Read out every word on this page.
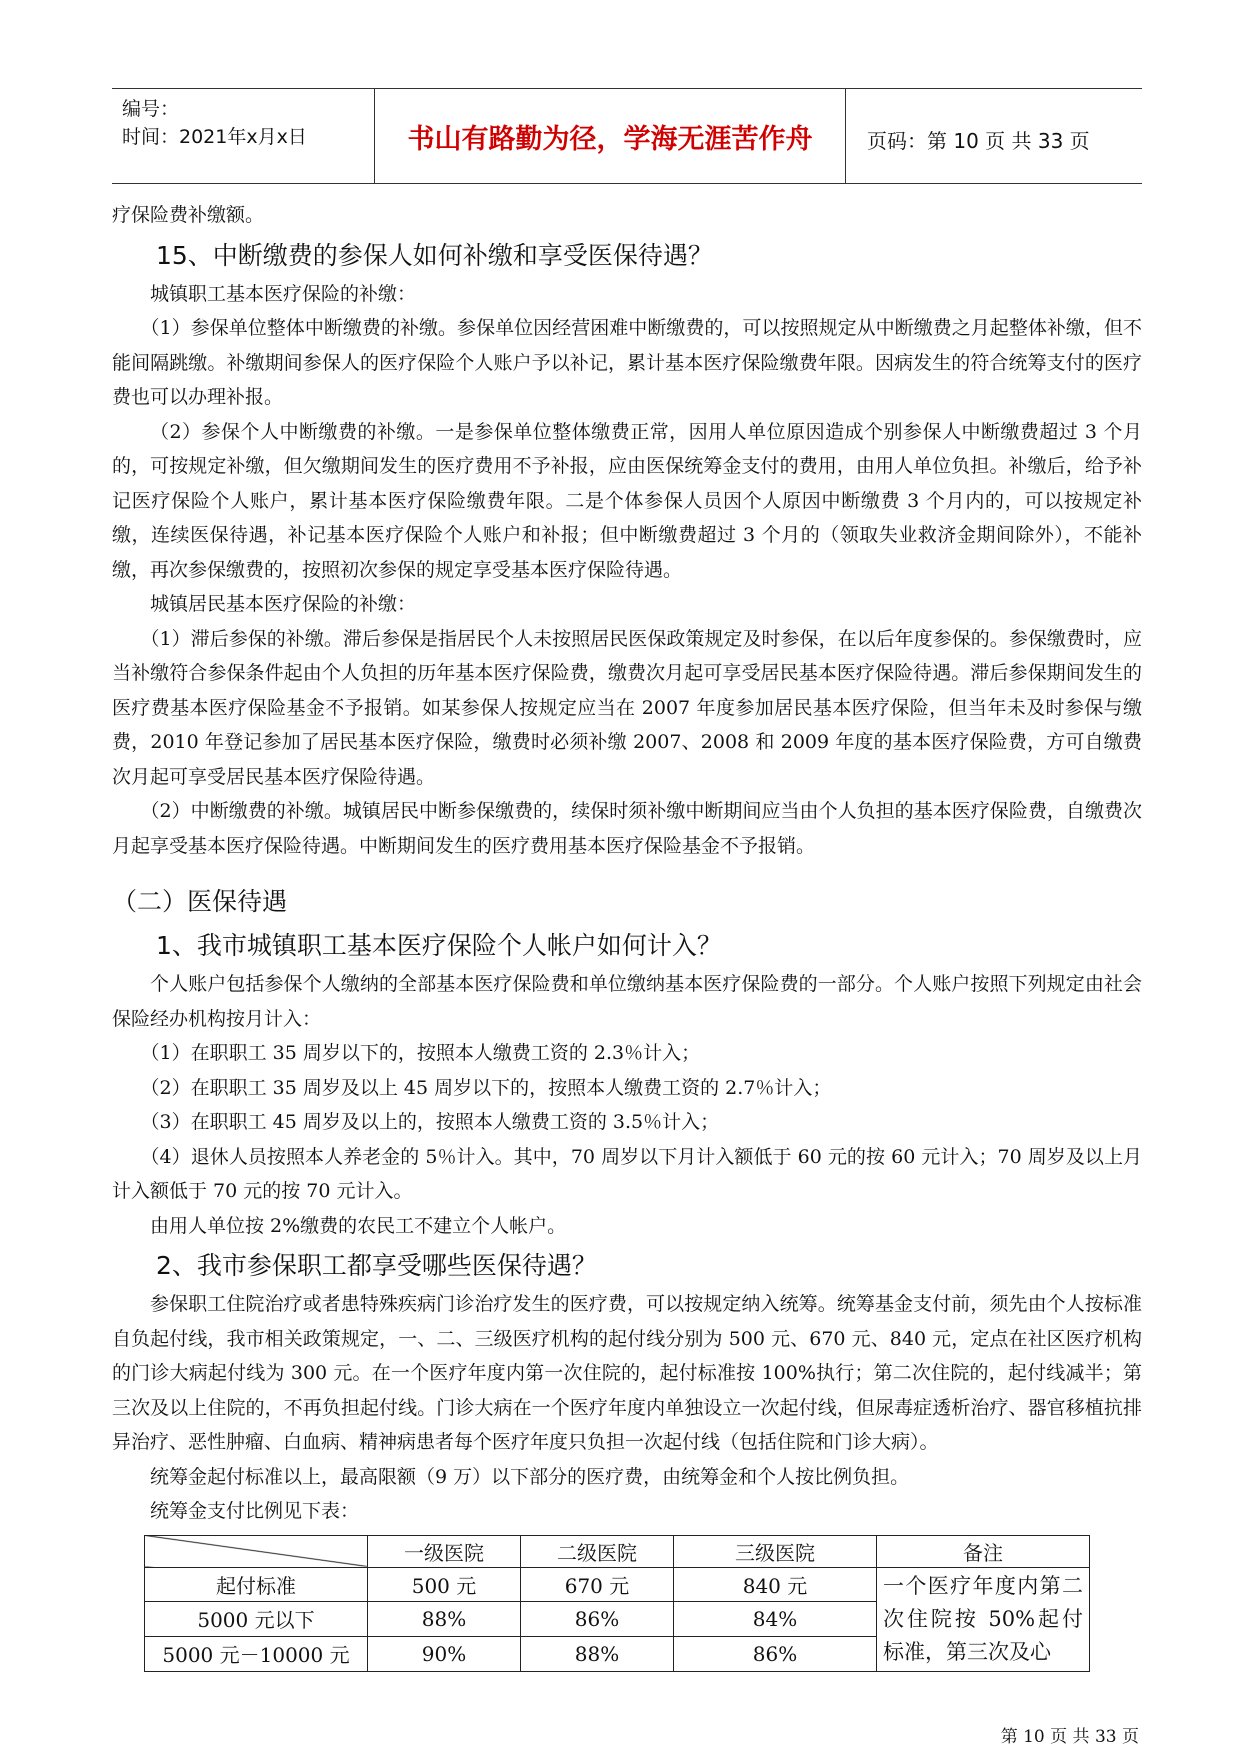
编号：
时间：2021年x月x日	书山有路勤为径，学海无涯苦作舟	页码：第 10 页 共 33 页

疗保险费补缴额。

15、中断缴费的参保人如何补缴和享受医保待遇？

城镇职工基本医疗保险的补缴：

（1）参保单位整体中断缴费的补缴。参保单位因经营困难中断缴费的，可以按照规定从中断缴费之月起整体补缴，但不能间隔跳缴。补缴期间参保人的医疗保险个人账户予以补记，累计基本医疗保险缴费年限。因病发生的符合统筹支付的医疗费也可以办理补报。

（2）参保个人中断缴费的补缴。一是参保单位整体缴费正常，因用人单位原因造成个别参保人中断缴费超过 3 个月的，可按规定补缴，但欠缴期间发生的医疗费用不予补报，应由医保统筹金支付的费用，由用人单位负担。补缴后，给予补记医疗保险个人账户，累计基本医疗保险缴费年限。二是个体参保人员因个人原因中断缴费 3 个月内的，可以按规定补缴，连续医保待遇，补记基本医疗保险个人账户和补报；但中断缴费超过 3 个月的（领取失业救济金期间除外），不能补缴，再次参保缴费的，按照初次参保的规定享受基本医疗保险待遇。

城镇居民基本医疗保险的补缴：

（1）滞后参保的补缴。滞后参保是指居民个人未按照居民医保政策规定及时参保，在以后年度参保的。参保缴费时，应当补缴符合参保条件起由个人负担的历年基本医疗保险费，缴费次月起可享受居民基本医疗保险待遇。滞后参保期间发生的医疗费基本医疗保险基金不予报销。如某参保人按规定应当在 2007 年度参加居民基本医疗保险，但当年未及时参保与缴费，2010 年登记参加了居民基本医疗保险，缴费时必须补缴 2007、2008 和 2009 年度的基本医疗保险费，方可自缴费次月起可享受居民基本医疗保险待遇。

（2）中断缴费的补缴。城镇居民中断参保缴费的，续保时须补缴中断期间应当由个人负担的基本医疗保险费，自缴费次月起享受基本医疗保险待遇。中断期间发生的医疗费用基本医疗保险基金不予报销。

（二）医保待遇
1、我市城镇职工基本医疗保险个人帐户如何计入？

个人账户包括参保个人缴纳的全部基本医疗保险费和单位缴纳基本医疗保险费的一部分。个人账户按照下列规定由社会保险经办机构按月计入：

（1）在职职工 35 周岁以下的，按照本人缴费工资的 2.3％计入；

（2）在职职工 35 周岁及以上 45 周岁以下的，按照本人缴费工资的 2.7％计入；

（3）在职职工 45 周岁及以上的，按照本人缴费工资的 3.5％计入；

（4）退休人员按照本人养老金的 5％计入。其中，70 周岁以下月计入额低于 60 元的按 60 元计入；70 周岁及以上月计入额低于 70 元的按 70 元计入。

由用人单位按 2%缴费的农民工不建立个人帐户。

2、我市参保职工都享受哪些医保待遇？

参保职工住院治疗或者患特殊疾病门诊治疗发生的医疗费，可以按规定纳入统筹。统筹基金支付前，须先由个人按标准自负起付线，我市相关政策规定，一、二、三级医疗机构的起付线分别为 500 元、670 元、840 元，定点在社区医疗机构的门诊大病起付线为 300 元。在一个医疗年度内第一次住院的，起付标准按 100%执行；第二次住院的，起付线减半；第三次及以上住院的，不再负担起付线。门诊大病在一个医疗年度内单独设立一次起付线，但尿毒症透析治疗、器官移植抗排异治疗、恶性肿瘤、白血病、精神病患者每个医疗年度只负担一次起付线（包括住院和门诊大病）。

统筹金起付标准以上，最高限额（9 万）以下部分的医疗费，由统筹金和个人按比例负担。

统筹金支付比例见下表：

	一级医院	二级医院	三级医院	备注
起付标准	500 元	670 元	840 元	一个医疗年度内第二次住院按 50%起付标准，第三次及心
5000 元以下	88%	86%	84%	
5000 元－10000 元	90%	88%	86%	
第 10 页 共 33 页
